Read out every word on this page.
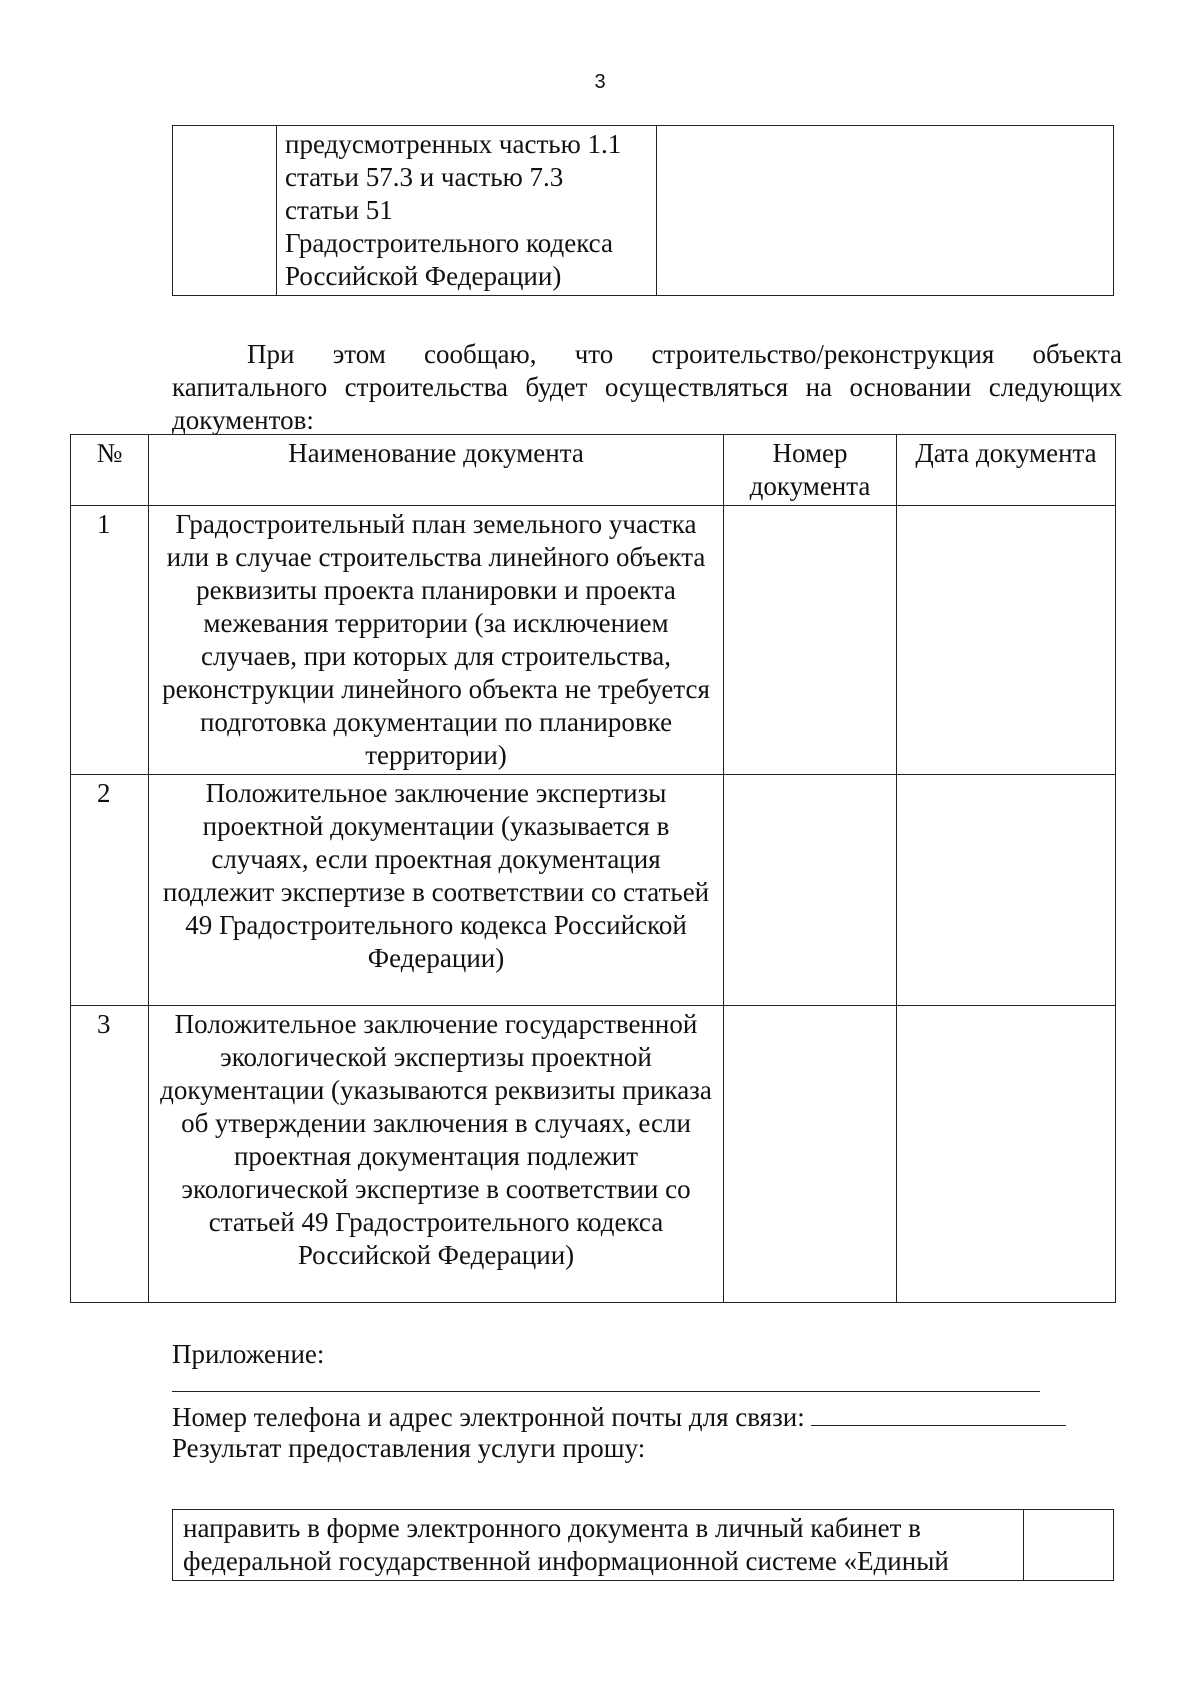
3

предусмотренных частью 1.1
статьи 57.3 и частью 7.3
статьи 51
Градостроительного кодекса
Российской Федерации)

При этом сообщаю, что строительство/реконструкция объекта
капитального строительства будет осуществляться на основании следующих
документов:
№	Наименование документа	Номер документа	Дата документа
1	Градостроительный план земельного участка или в случае строительства линейного объекта реквизиты проекта планировки и проекта межевания территории (за исключением случаев, при которых для строительства, реконструкции линейного объекта не требуется подготовка документации по планировке территории)		
2	Положительное заключение экспертизы проектной документации (указывается в случаях, если проектная документация подлежит экспертизе в соответствии со статьей 49 Градостроительного кодекса Российской Федерации)		
3	Положительное заключение государственной экологической экспертизы проектной документации (указываются реквизиты приказа об утверждении заключения в случаях, если проектная документация подлежит экологической экспертизе в соответствии со статьей 49 Градостроительного кодекса Российской Федерации)		
Приложение:
Номер телефона и адрес электронной почты для связи:
Результат предоставления услуги прошу:
направить в форме электронного документа в личный кабинет в
федеральной государственной информационной системе «Единый
